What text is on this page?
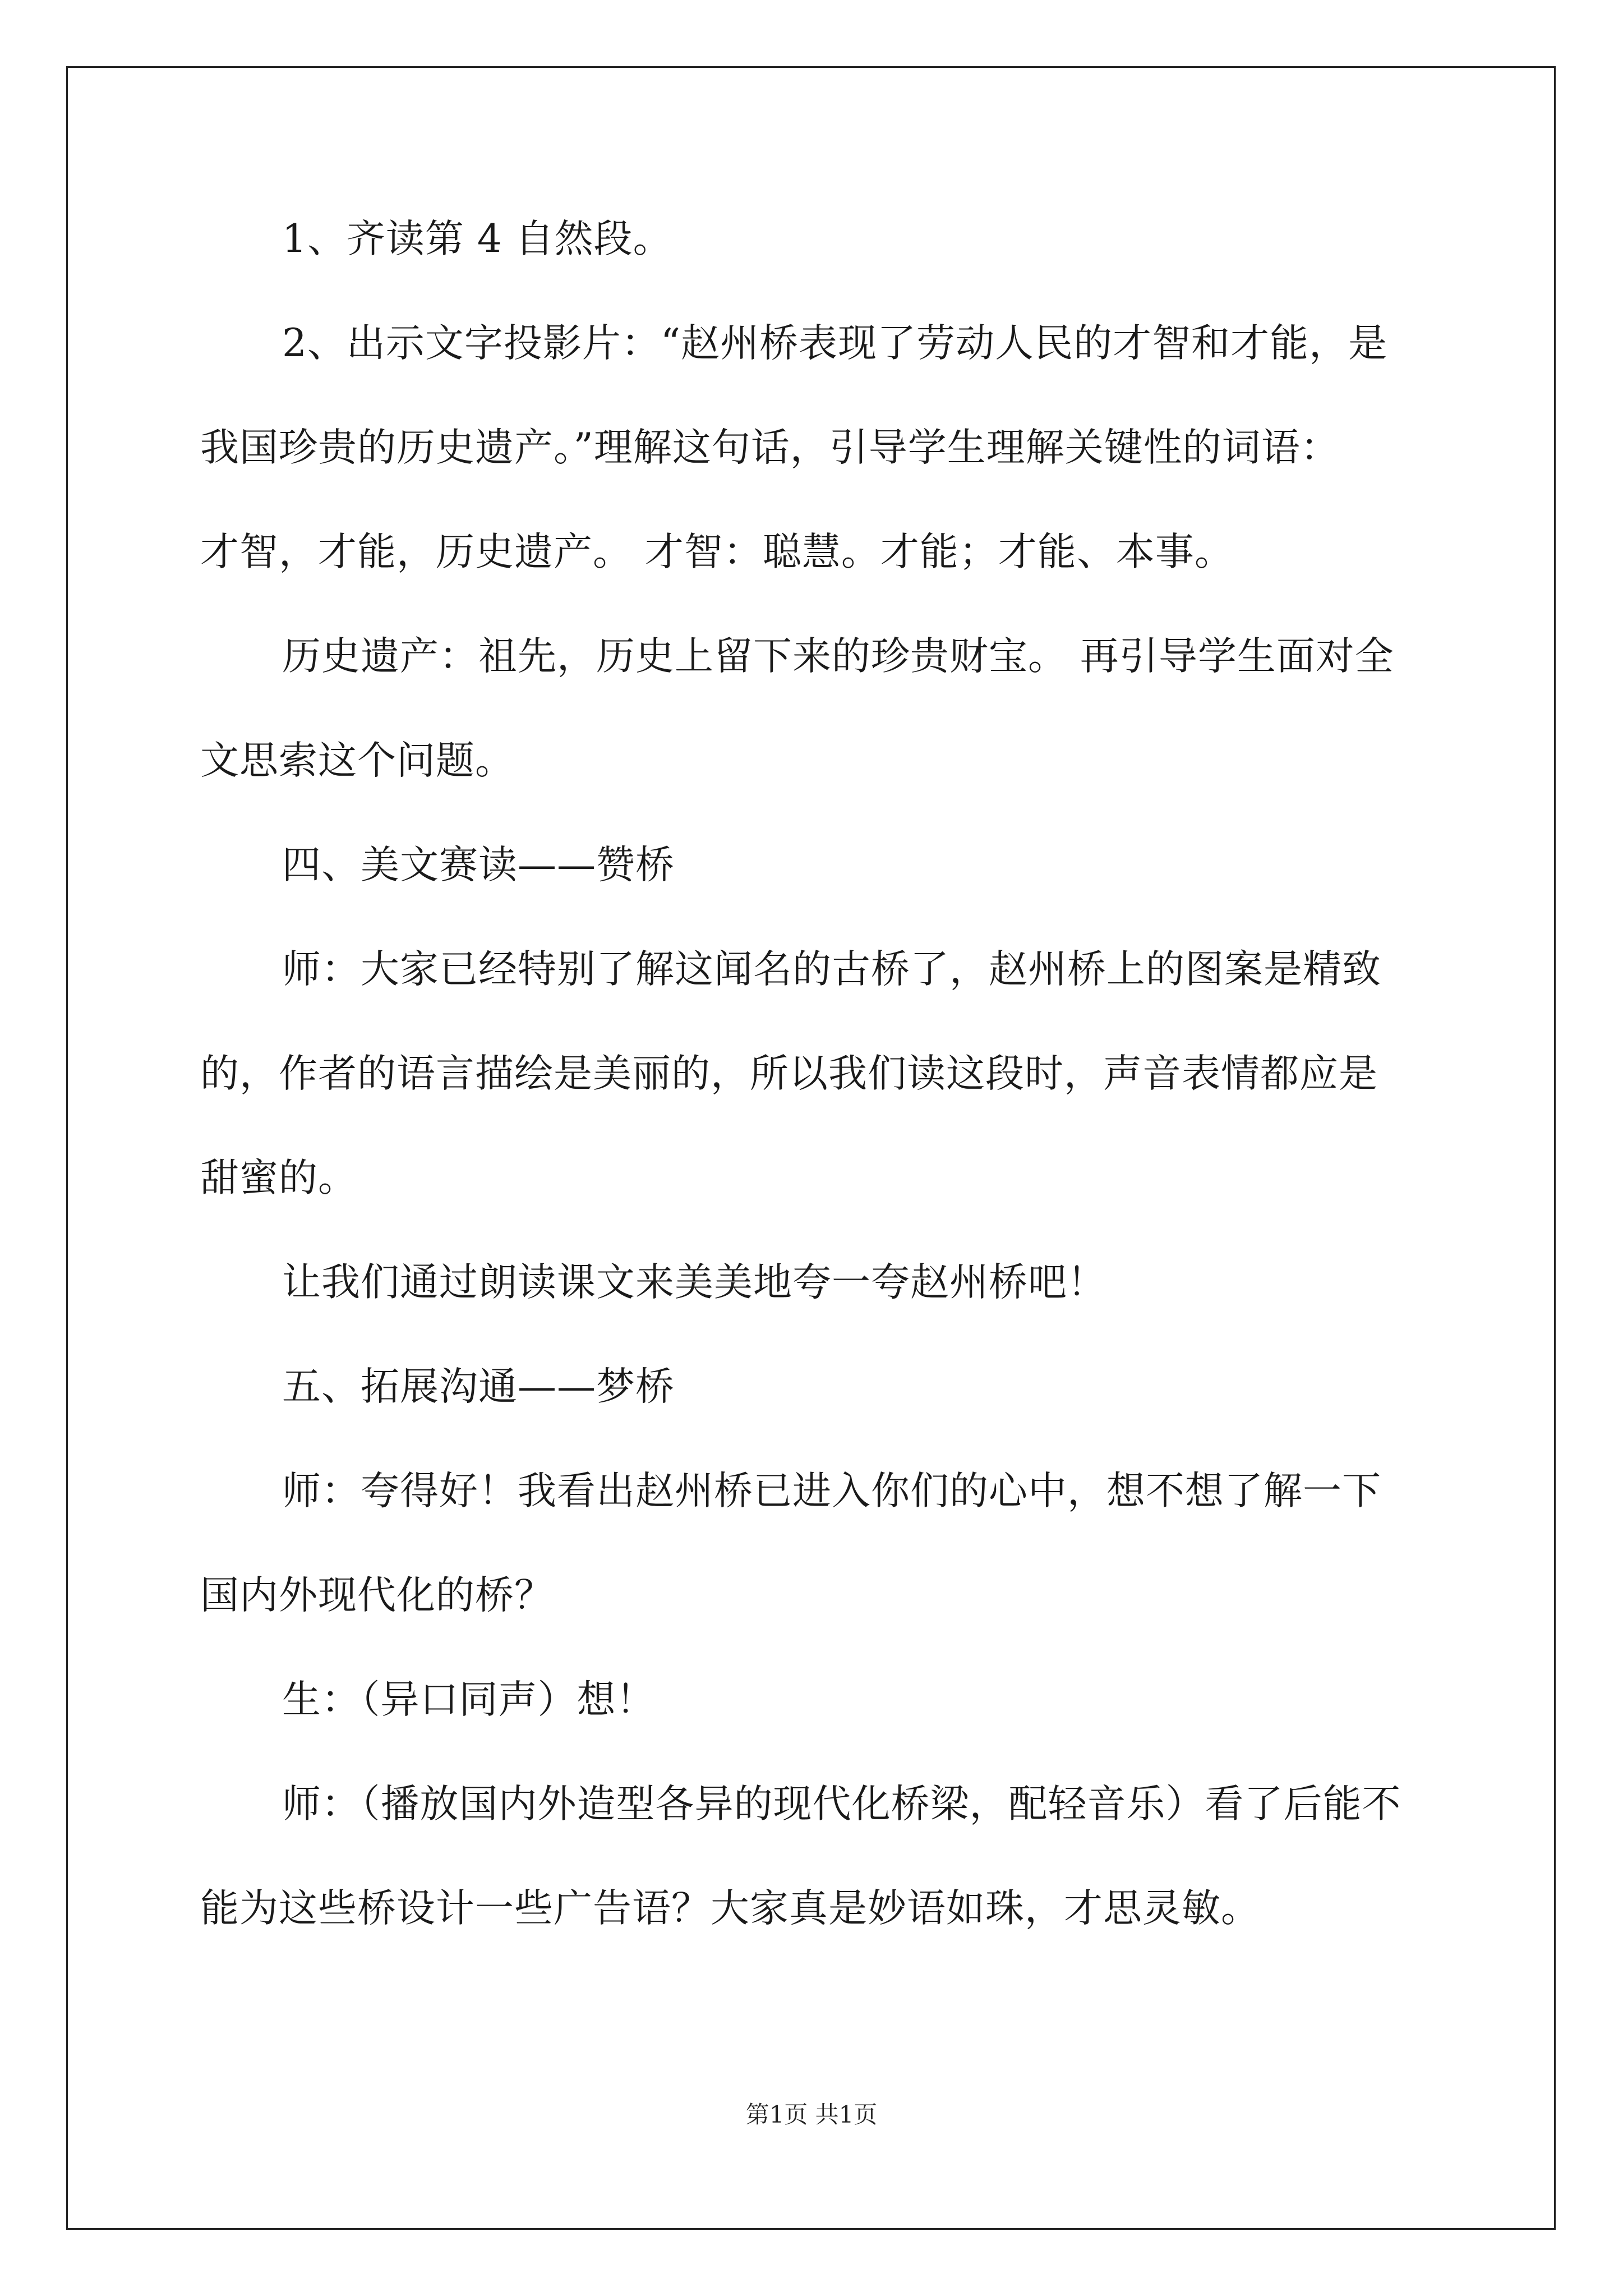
1、齐读第 4 自然段。
2、出示文字投影片：“赵州桥表现了劳动人民的才智和才能，是
我国珍贵的历史遗产。”理解这句话，引导学生理解关键性的词语：
才智，才能，历史遗产。 才智：聪慧。才能；才能、本事。
历史遗产：祖先，历史上留下来的珍贵财宝。 再引导学生面对全
文思索这个问题。
四、美文赛读——赞桥
师：大家已经特别了解这闻名的古桥了，赵州桥上的图案是精致
的，作者的语言描绘是美丽的，所以我们读这段时，声音表情都应是
甜蜜的。
让我们通过朗读课文来美美地夸一夸赵州桥吧！
五、拓展沟通——梦桥
师：夸得好！我看出赵州桥已进入你们的心中，想不想了解一下
国内外现代化的桥？
生：（异口同声）想！
师：（播放国内外造型各异的现代化桥梁，配轻音乐）看了后能不
能为这些桥设计一些广告语？大家真是妙语如珠，才思灵敏。
第1页 共1页
